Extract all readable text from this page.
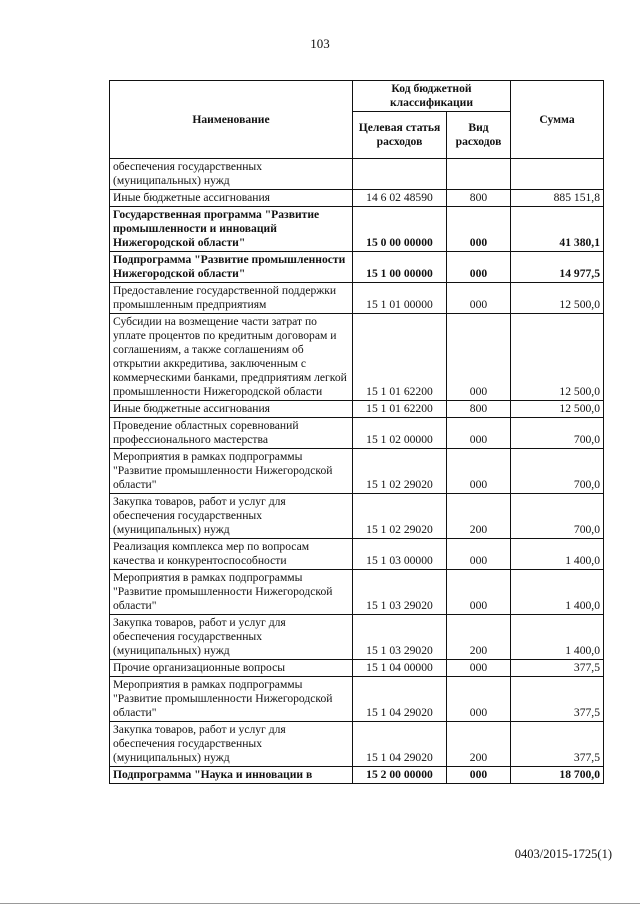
103
Наименование	Код бюджетной классификации		Сумма
	Целевая статья расходов	Вид расходов	
обеспечения государственных (муниципальных) нужд			
Иные бюджетные ассигнования	14 6 02 48590	800	885 151,8
Государственная программа "Развитие промышленности и инноваций Нижегородской области"	15 0 00 00000	000	41 380,1
Подпрограмма "Развитие промышленности Нижегородской области"	15 1 00 00000	000	14 977,5
Предоставление государственной поддержки промышленным предприятиям	15 1 01 00000	000	12 500,0
Субсидии на возмещение части затрат по уплате процентов по кредитным договорам и соглашениям, а также соглашениям об открытии аккредитива, заключенным с коммерческими банками, предприятиям легкой промышленности Нижегородской области	15 1 01 62200	000	12 500,0
Иные бюджетные ассигнования	15 1 01 62200	800	12 500,0
Проведение областных соревнований профессионального мастерства	15 1 02 00000	000	700,0
Мероприятия в рамках подпрограммы "Развитие промышленности Нижегородской области"	15 1 02 29020	000	700,0
Закупка товаров, работ и услуг для обеспечения государственных (муниципальных) нужд	15 1 02 29020	200	700,0
Реализация комплекса мер по вопросам качества и конкурентоспособности	15 1 03 00000	000	1 400,0
Мероприятия в рамках подпрограммы "Развитие промышленности Нижегородской области"	15 1 03 29020	000	1 400,0
Закупка товаров, работ и услуг для обеспечения государственных (муниципальных) нужд	15 1 03 29020	200	1 400,0
Прочие организационные вопросы	15 1 04 00000	000	377,5
Мероприятия в рамках подпрограммы "Развитие промышленности Нижегородской области"	15 1 04 29020	000	377,5
Закупка товаров, работ и услуг для обеспечения государственных (муниципальных) нужд	15 1 04 29020	200	377,5
Подпрограмма "Наука и инновации в	15 2 00 00000	000	18 700,0
0403/2015-1725(1)
